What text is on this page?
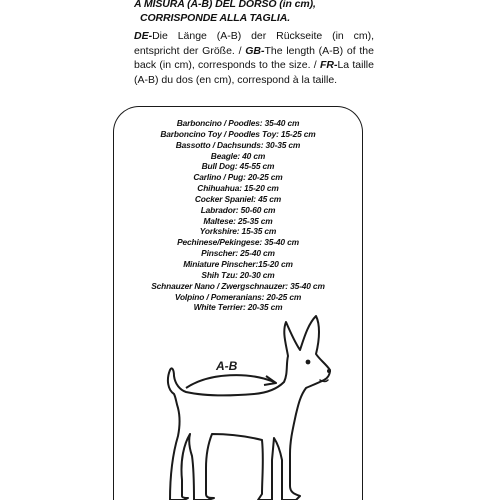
A MISURA (A-B) DEL DORSO (in cm),
CORRISPONDE ALLA TAGLIA.
DE-Die Länge (A-B) der Rückseite (in cm), entspricht der Größe. / GB-The length (A-B) of the back (in cm), corresponds to the size. / FR-La taille (A-B) du dos (en cm), correspond à la taille.
Barboncino / Poodles: 35-40 cm
Barboncino Toy / Poodles Toy: 15-25 cm
Bassotto / Dachsunds: 30-35 cm
Beagle: 40 cm
Bull Dog: 45-55 cm
Carlino / Pug: 20-25 cm
Chihuahua: 15-20 cm
Cocker Spaniel: 45 cm
Labrador: 50-60 cm
Maltese: 25-35 cm
Yorkshire: 15-35 cm
Pechinese/Pekingese: 35-40 cm
Pinscher: 25-40 cm
Miniature Pinscher:15-20 cm
Shih Tzu: 20-30 cm
Schnauzer Nano / Zwergschnauzer: 35-40 cm
Volpino / Pomeranians: 20-25 cm
White Terrier: 20-35 cm
A-B
